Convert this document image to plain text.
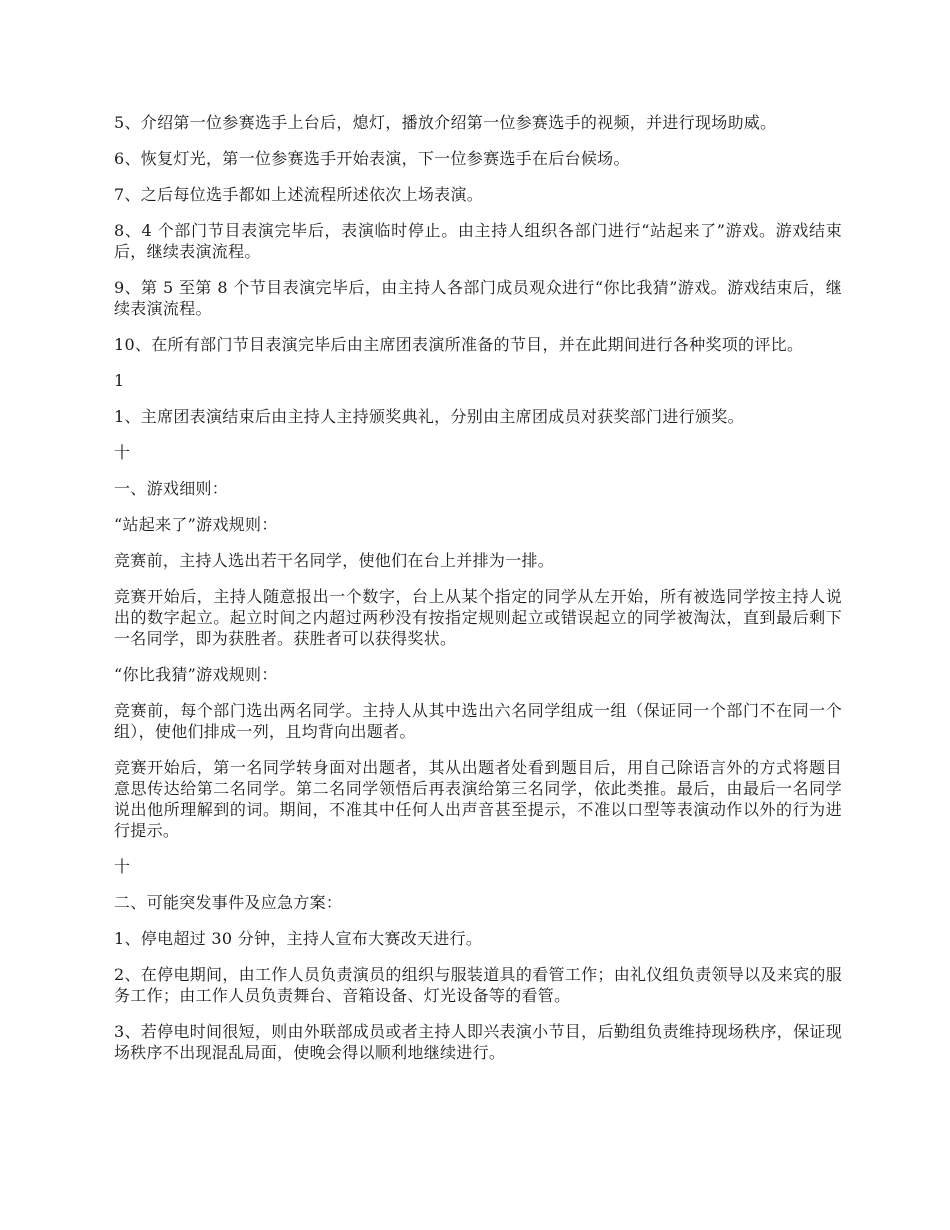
5、介绍第一位参赛选手上台后，熄灯，播放介绍第一位参赛选手的视频，并进行现场助威。

6、恢复灯光，第一位参赛选手开始表演，下一位参赛选手在后台候场。

7、之后每位选手都如上述流程所述依次上场表演。

8、4 个部门节目表演完毕后，表演临时停止。由主持人组织各部门进行“站起来了”游戏。游戏结束后，继续表演流程。

9、第 5 至第 8 个节目表演完毕后，由主持人各部门成员观众进行“你比我猜”游戏。游戏结束后，继续表演流程。

10、在所有部门节目表演完毕后由主席团表演所准备的节目，并在此期间进行各种奖项的评比。

1

1、主席团表演结束后由主持人主持颁奖典礼，分别由主席团成员对获奖部门进行颁奖。

十

一、游戏细则：

“站起来了”游戏规则：

竞赛前，主持人选出若干名同学，使他们在台上并排为一排。

竞赛开始后，主持人随意报出一个数字，台上从某个指定的同学从左开始，所有被选同学按主持人说出的数字起立。起立时间之内超过两秒没有按指定规则起立或错误起立的同学被淘汰，直到最后剩下一名同学，即为获胜者。获胜者可以获得奖状。

“你比我猜”游戏规则：

竞赛前，每个部门选出两名同学。主持人从其中选出六名同学组成一组（保证同一个部门不在同一个组），使他们排成一列，且均背向出题者。

竞赛开始后，第一名同学转身面对出题者，其从出题者处看到题目后，用自己除语言外的方式将题目意思传达给第二名同学。第二名同学领悟后再表演给第三名同学，依此类推。最后，由最后一名同学说出他所理解到的词。期间，不准其中任何人出声音甚至提示，不准以口型等表演动作以外的行为进行提示。

十

二、可能突发事件及应急方案：

1、停电超过 30 分钟，主持人宣布大赛改天进行。

2、在停电期间，由工作人员负责演员的组织与服装道具的看管工作；由礼仪组负责领导以及来宾的服务工作；由工作人员负责舞台、音箱设备、灯光设备等的看管。

3、若停电时间很短，则由外联部成员或者主持人即兴表演小节目，后勤组负责维持现场秩序，保证现场秩序不出现混乱局面，使晚会得以顺利地继续进行。
